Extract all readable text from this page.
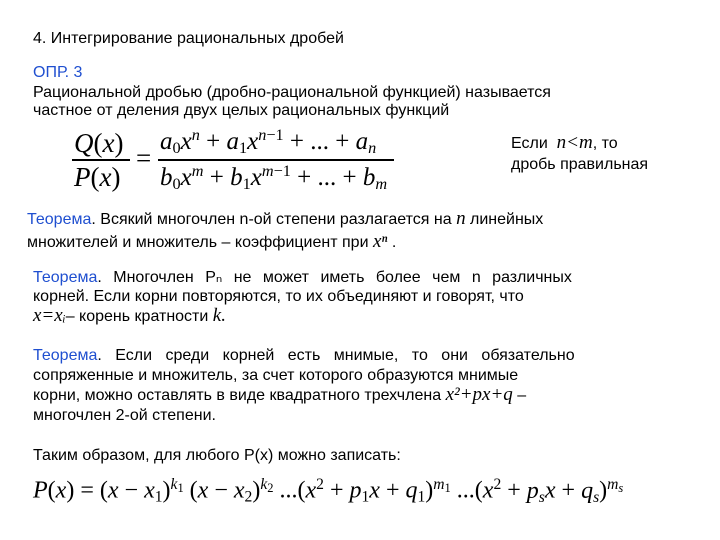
4. Интегрирование рациональных дробей
ОПР. 3
Рациональной дробью (дробно-рациональной функцией) называется
частное от деления двух целых рациональных функций
Q(x)
P(x)
=
$a_0x^n + a_1x^{n-1}$ + ... + $a_n$
$b_0x^m + b_1x^{m-1}$ + ... + $b_m$
Если n<m, то
дробь правильная
Теорема. Всякий многочлен n-ой степени разлагается на n линейных
множителей и множитель – коэффициент при xⁿ .
Теорема. Многочлен Pₙ не может иметь более чем n различных
корней. Если корни повторяются, то их объединяют и говорят, что
x=xᵢ– корень кратности k.
Теорема. Если среди корней есть мнимые, то они обязательно
сопряженные и множитель, за счет которого образуются мнимые
корни, можно оставлять в виде квадратного трехчлена x²+px+q –
многочлен 2-ой степени.
Таким образом, для любого P(x) можно записать:
$P(x) = (x - x_1)^{k_1}$ $(x - x_2)^{k_2}$ $...(x^2 + p_1x + q_1)^{m_1}$ $...(x^2 + p_sx + q_s)^{m_s}$
